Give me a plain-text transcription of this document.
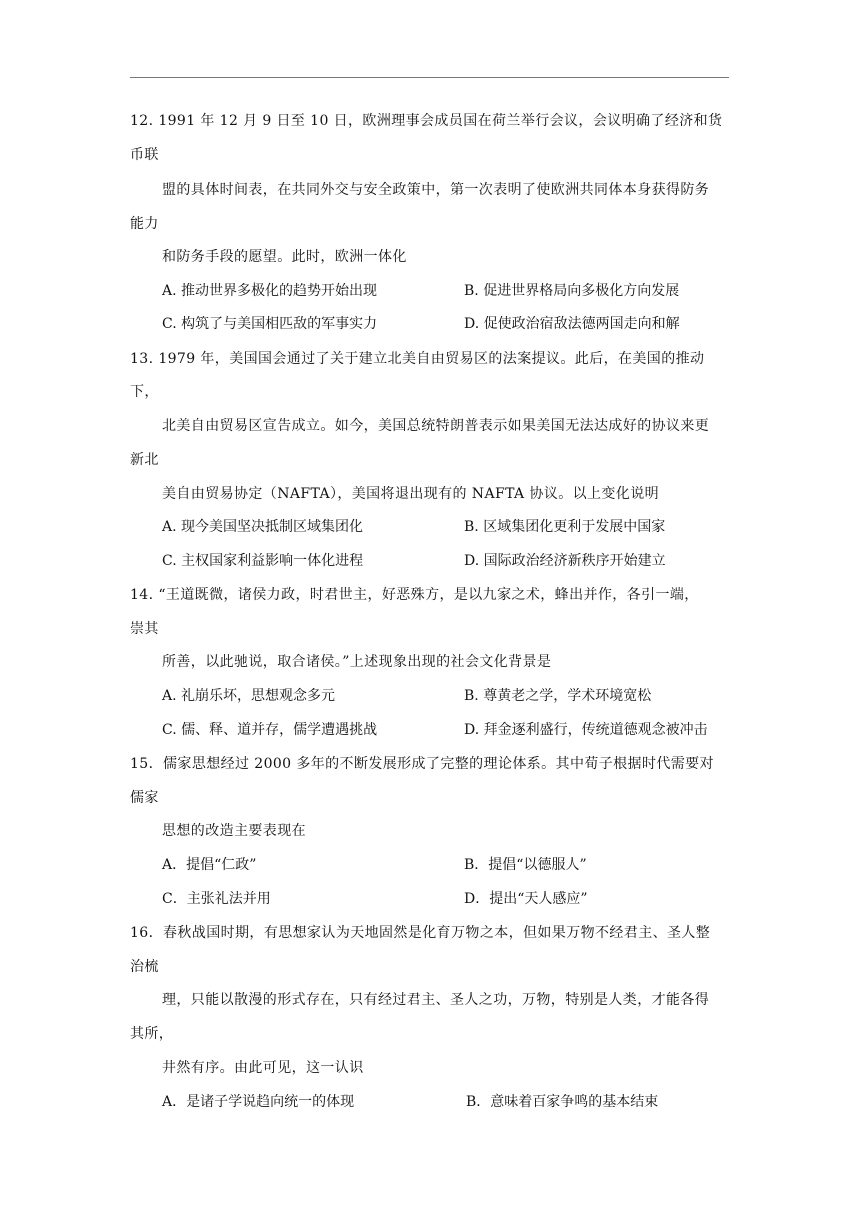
12. 1991 年 12 月 9 日至 10 日，欧洲理事会成员国在荷兰举行会议，会议明确了经济和货
币联
盟的具体时间表，在共同外交与安全政策中，第一次表明了使欧洲共同体本身获得防务
能力
和防务手段的愿望。此时，欧洲一体化
A. 推动世界多极化的趋势开始出现	B. 促进世界格局向多极化方向发展
C. 构筑了与美国相匹敌的军事实力	D. 促使政治宿敌法德两国走向和解
13. 1979 年，美国国会通过了关于建立北美自由贸易区的法案提议。此后，在美国的推动
下，
北美自由贸易区宣告成立。如今，美国总统特朗普表示如果美国无法达成好的协议来更
新北
美自由贸易协定（NAFTA），美国将退出现有的 NAFTA 协议。以上变化说明
A. 现今美国坚决抵制区域集团化	B. 区域集团化更利于发展中国家
C. 主权国家利益影响一体化进程	D. 国际政治经济新秩序开始建立
14. “王道既微，诸侯力政，时君世主，好恶殊方，是以九家之术，蜂出并作，各引一端，
崇其
所善，以此驰说，取合诸侯。”上述现象出现的社会文化背景是
A. 礼崩乐坏，思想观念多元	B. 尊黄老之学，学术环境宽松
C. 儒、释、道并存，儒学遭遇挑战	D. 拜金逐利盛行，传统道德观念被冲击
15．儒家思想经过 2000 多年的不断发展形成了完整的理论体系。其中荀子根据时代需要对
儒家
思想的改造主要表现在
A．提倡“仁政”	B．提倡“以德服人”
C．主张礼法并用	D．提出“天人感应”
16．春秋战国时期，有思想家认为天地固然是化育万物之本，但如果万物不经君主、圣人整
治梳
理，只能以散漫的形式存在，只有经过君主、圣人之功，万物，特别是人类，才能各得
其所，
井然有序。由此可见，这一认识
A．是诸子学说趋向统一的体现	B．意味着百家争鸣的基本结束
